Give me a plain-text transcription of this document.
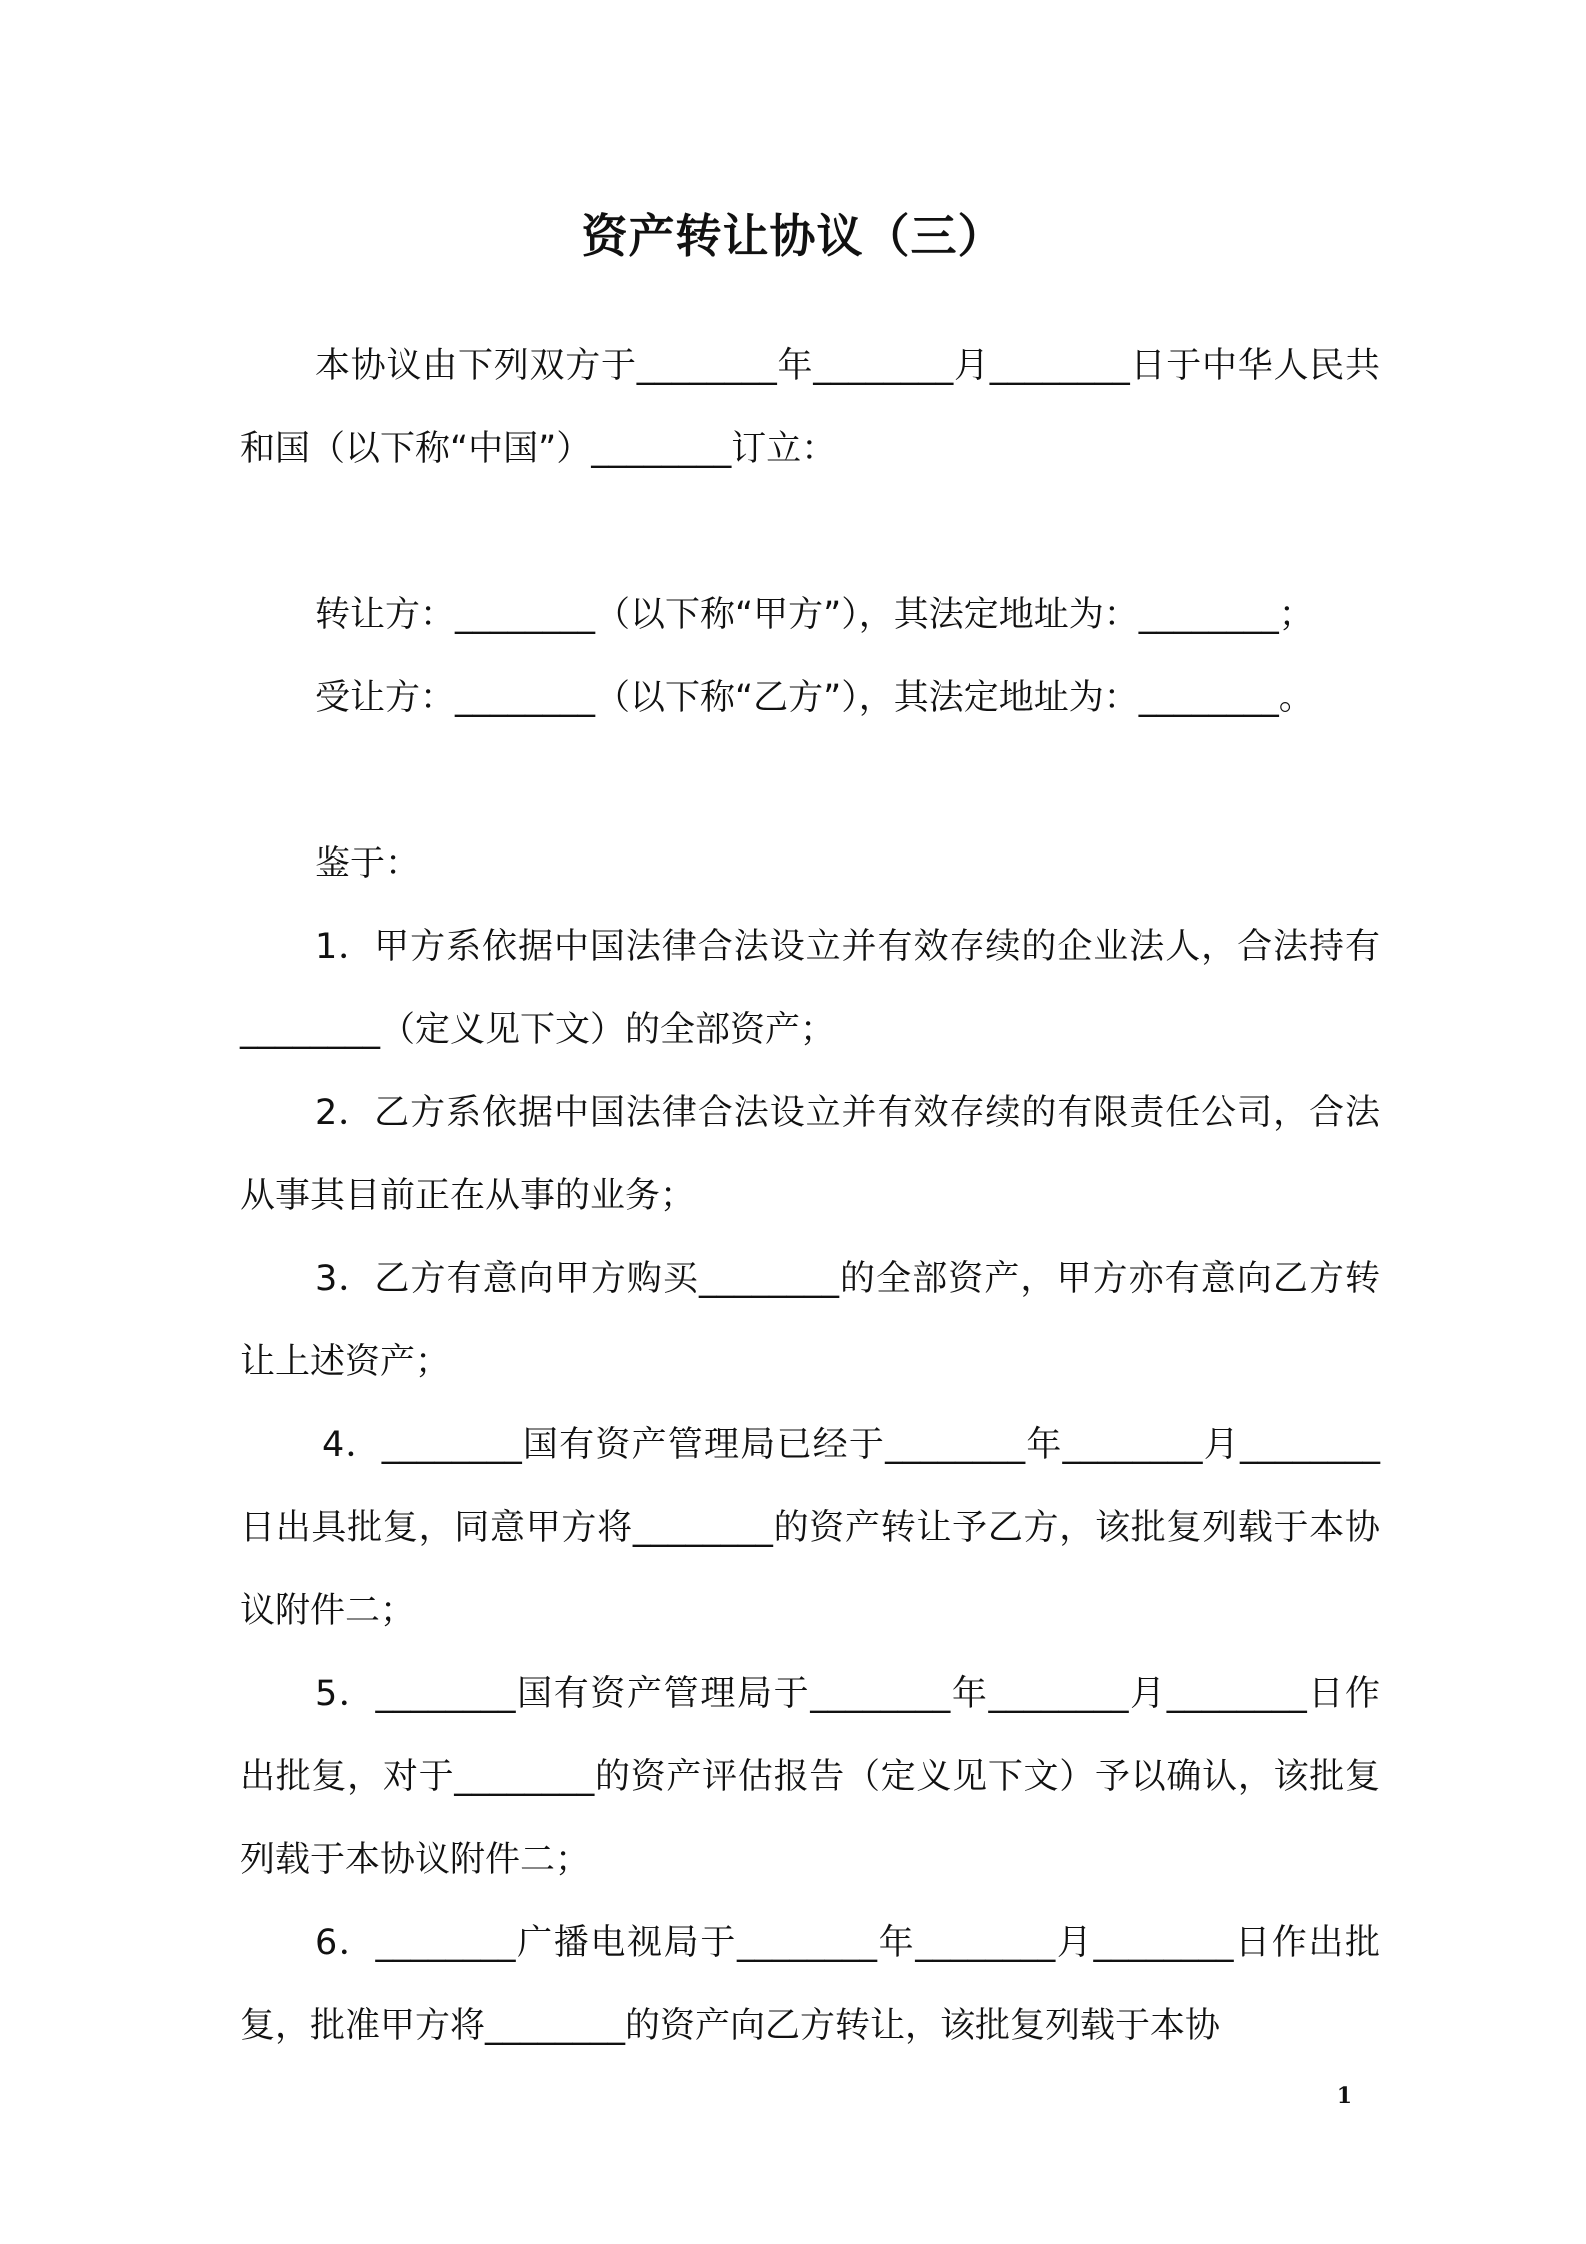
资产转让协议（三）

本协议由下列双方于________年________月________日于中华人民共和国（以下称“中国”）________订立：

转让方：________（以下称“甲方”），其法定地址为：________；

受让方：________（以下称“乙方”），其法定地址为：________。

鉴于：

1．甲方系依据中国法律合法设立并有效存续的企业法人，合法持有________（定义见下文）的全部资产；

2．乙方系依据中国法律合法设立并有效存续的有限责任公司，合法从事其目前正在从事的业务；

3．乙方有意向甲方购买________的全部资产，甲方亦有意向乙方转让上述资产；

4．________国有资产管理局已经于________年________月________日出具批复，同意甲方将________的资产转让予乙方，该批复列载于本协议附件二；

5．________国有资产管理局于________年________月________日作出批复，对于________的资产评估报告（定义见下文）予以确认，该批复列载于本协议附件二；

6．________广播电视局于________年________月________日作出批复，批准甲方将________的资产向乙方转让，该批复列载于本协

1
